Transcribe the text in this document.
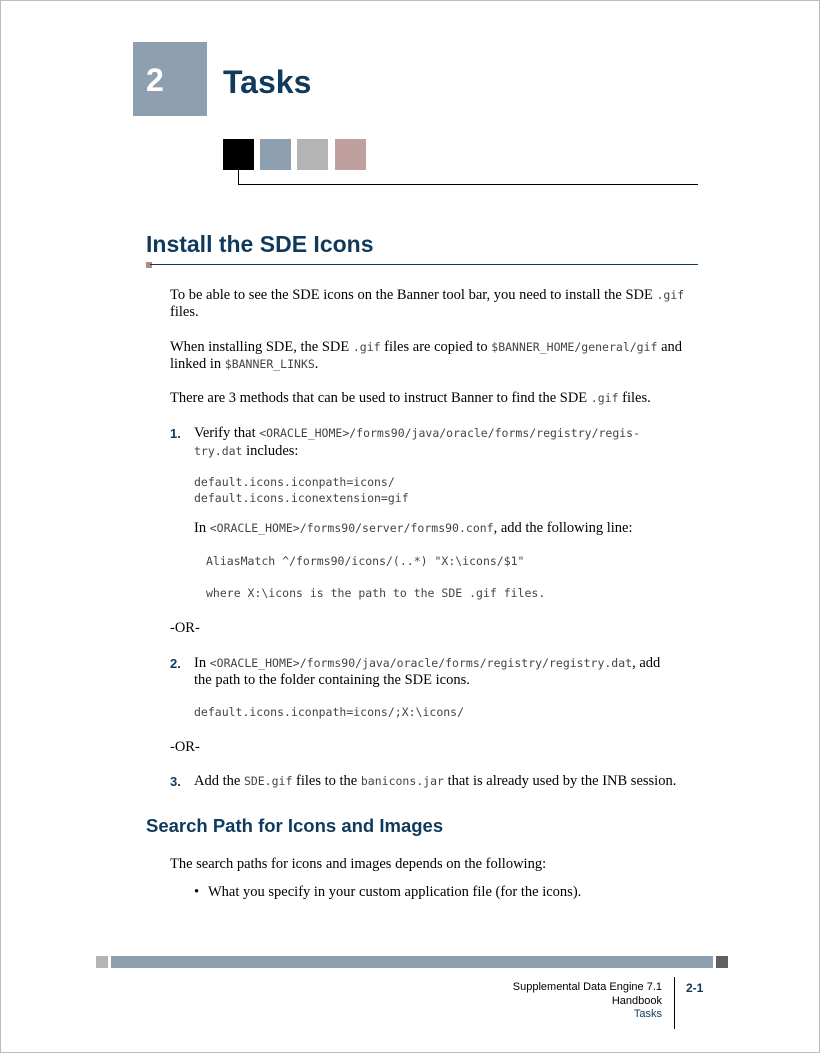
2 Tasks
Install the SDE Icons

To be able to see the SDE icons on the Banner tool bar, you need to install the SDE .gif

files.

When installing SDE, the SDE .gif files are copied to $BANNER_HOME/general/gif and

linked in $BANNER_LINKS.

There are 3 methods that can be used to instruct Banner to find the SDE .gif files.

1. Verify that <ORACLE_HOME>/forms90/java/oracle/forms/registry/regis-

try.dat includes:

default.icons.iconpath=icons/
default.icons.iconextension=gif

In <ORACLE_HOME>/forms90/server/forms90.conf, add the following line:

AliasMatch ^/forms90/icons/(..*) "X:\icons/$1"
where X:\icons is the path to the SDE .gif files.

-OR-

2. In <ORACLE_HOME>/forms90/java/oracle/forms/registry/registry.dat, add

the path to the folder containing the SDE icons.

default.icons.iconpath=icons/;X:\icons/

-OR-

3. Add the SDE.gif files to the banicons.jar that is already used by the INB session.

Search Path for Icons and Images

The search paths for icons and images depends on the following:

• What you specify in your custom application file (for the icons).

Supplemental Data Engine 7.1
Handbook
Tasks
2-1
